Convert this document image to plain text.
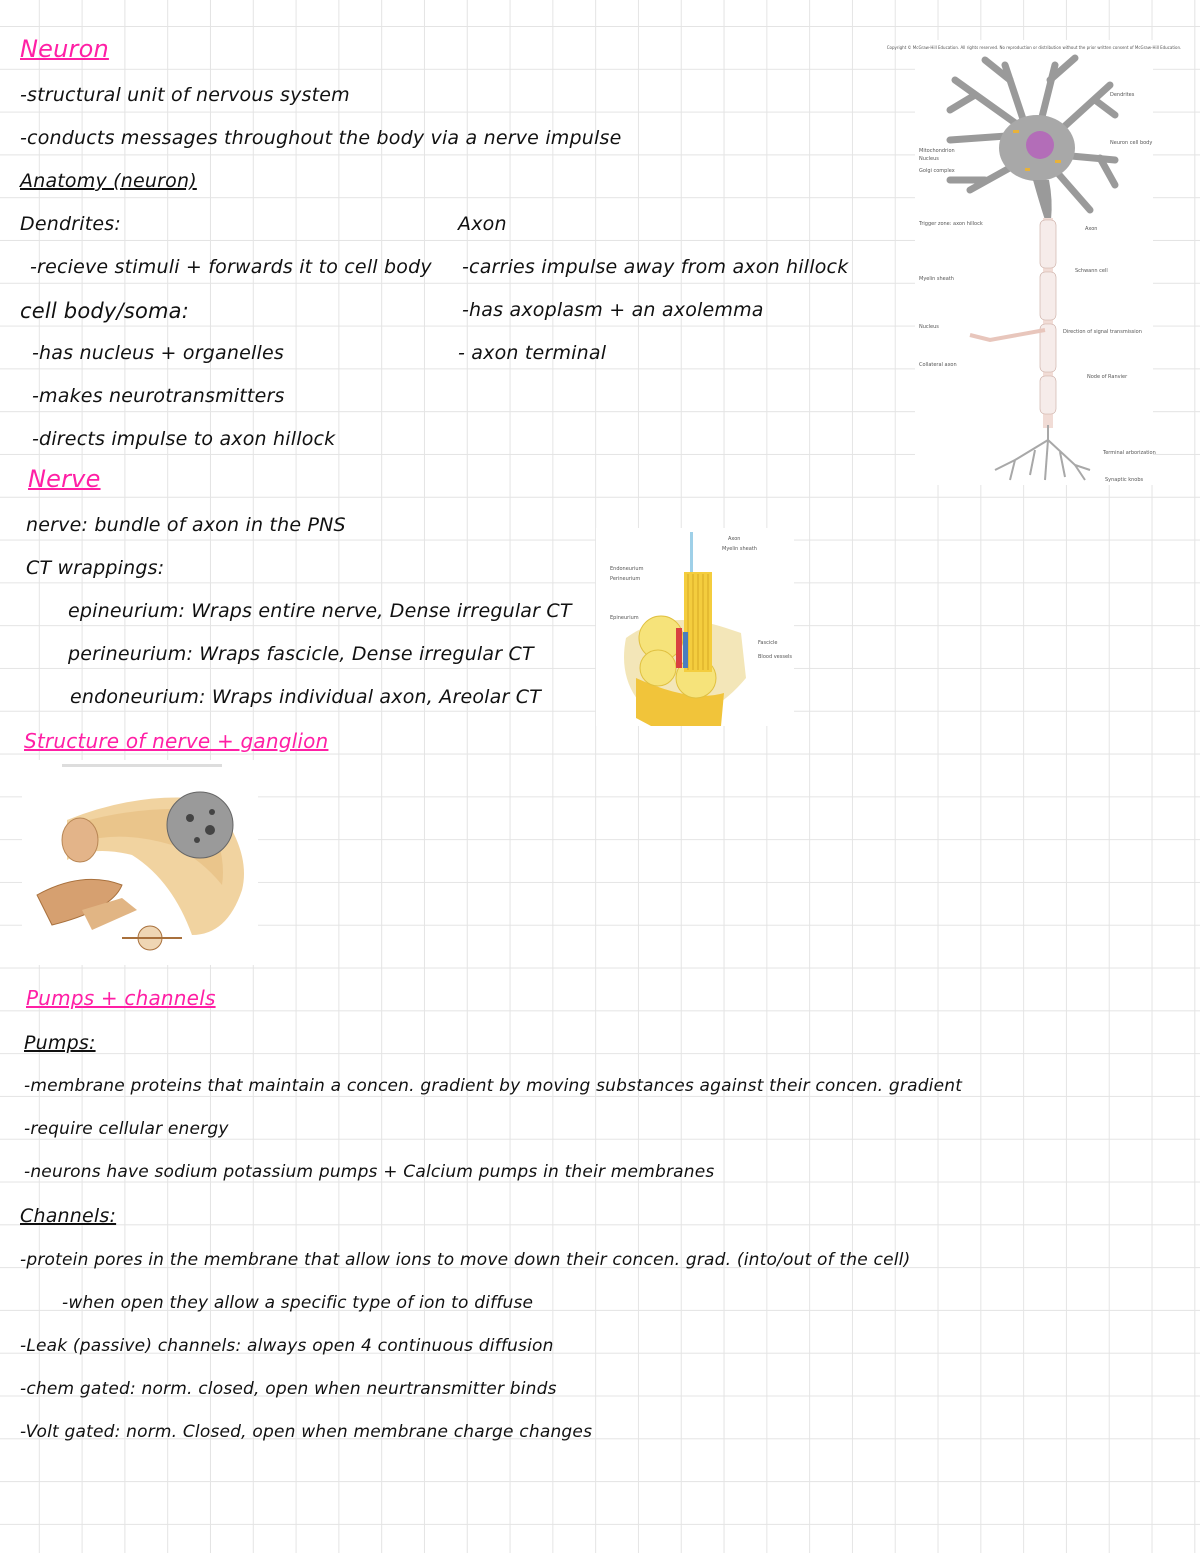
Neuron
-structural unit of nervous system
-conducts messages throughout the body via a nerve impulse
Anatomy (neuron)
Dendrites:
-recieve stimuli + forwards it to cell body
cell body/soma:
-has nucleus + organelles
-makes neurotransmitters
-directs impulse to axon hillock
Axon
-carries impulse away from axon hillock
-has axoplasm + an axolemma
- axon terminal
Copyright © McGraw-Hill Education. All rights reserved. No reproduction or distribution without the prior written consent of McGraw-Hill Education.
Mitochondrion
Nucleus
Golgi complex
Trigger zone: axon hillock
Myelin sheath
Nucleus
Collateral axon
Dendrites
Neuron cell body
Axon
Schwann cell
Direction of signal transmission
Node of Ranvier
Terminal arborization
Synaptic knobs
Nerve
nerve: bundle of axon in the PNS
CT wrappings:
epineurium: Wraps entire nerve, Dense irregular CT
perineurium: Wraps fascicle, Dense irregular CT
endoneurium: Wraps individual axon, Areolar CT
Axon
Myelin sheath
Endoneurium
Perineurium
Epineurium
Fascicle
Blood vessels
Structure of nerve + ganglion
Pumps + channels
Pumps:
-membrane proteins that maintain a concen. gradient by moving substances against their concen. gradient
-require cellular energy
-neurons have sodium potassium pumps + Calcium pumps in their membranes
Channels:
-protein pores in the membrane that allow ions to move down their concen. grad. (into/out of the cell)
-when open they allow a specific type of ion to diffuse
-Leak (passive) channels: always open 4 continuous diffusion
-chem gated: norm. closed, open when neurtransmitter binds
-Volt gated: norm. Closed, open when membrane charge changes
